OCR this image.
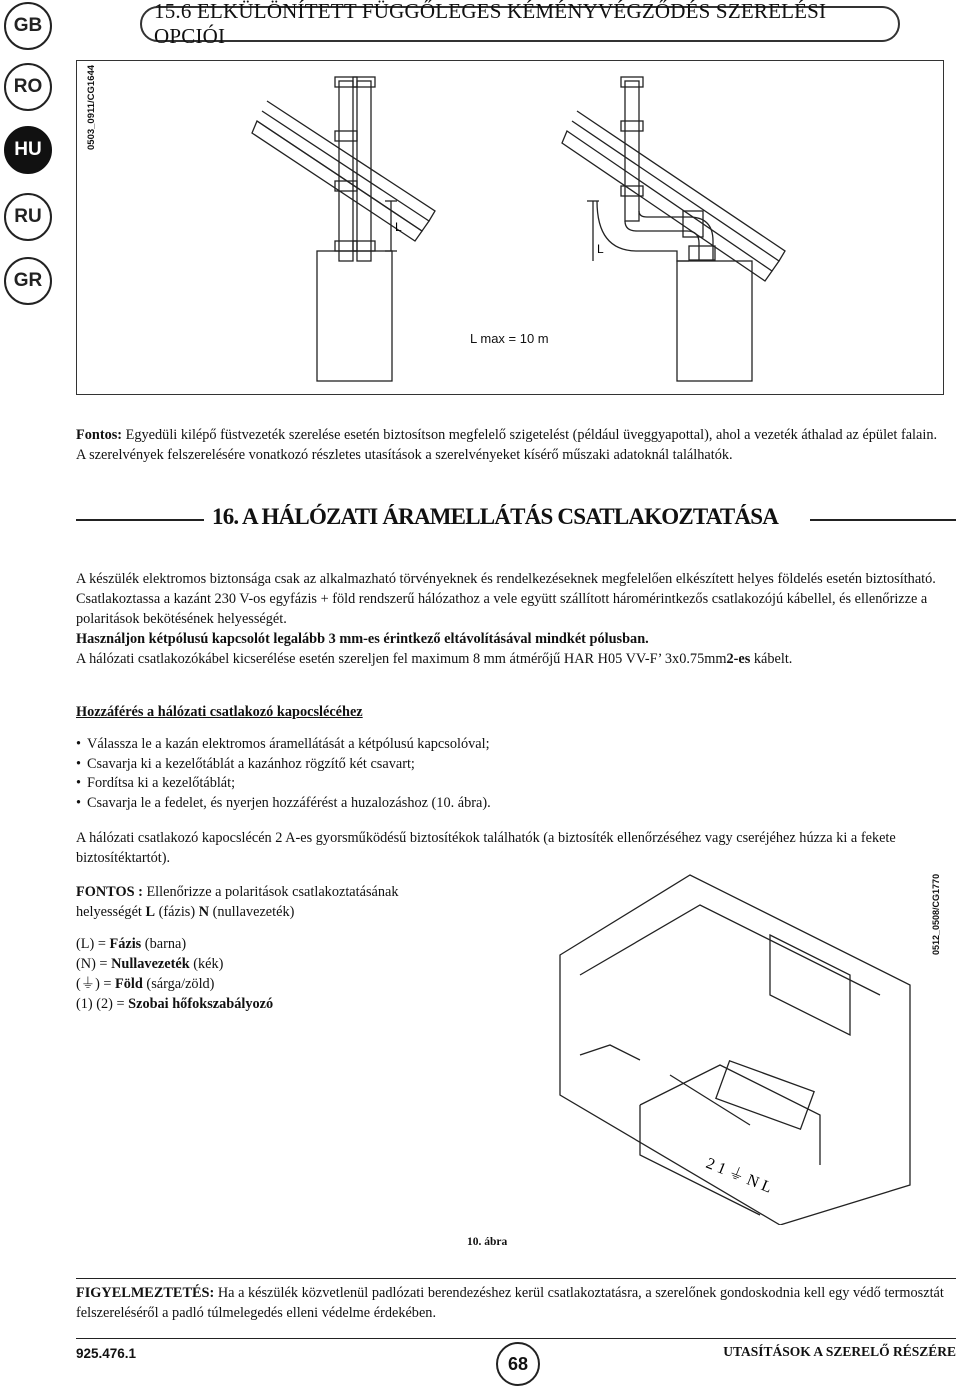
GB
RO
HU
RU
GR
15.6 ELKÜLÖNÍTETT FÜGGŐLEGES KÉMÉNYVÉGZŐDÉS SZERELÉSI OPCIÓI
L
L
0503_0911/CG1644
L max = 10 m
Fontos: Egyedüli kilépő füstvezeték szerelése esetén biztosítson megfelelő szigetelést (például üveggyapottal), ahol a vezeték áthalad az épület falain.
A szerelvények felszerelésére vonatkozó részletes utasítások a szerelvényeket kísérő műszaki adatoknál találhatók.
16. A HÁLÓZATI ÁRAMELLÁTÁS CSATLAKOZTATÁSA
A készülék elektromos biztonsága csak az alkalmazható törvényeknek és rendelkezéseknek megfelelően elkészített helyes földelés esetén biztosítható.
Csatlakoztassa a kazánt 230 V-os egyfázis + föld rendszerű hálózathoz a vele együtt szállított háromérintkezős csatlakozójú kábellel, és ellenőrizze a polaritások bekötésének helyességét.
Használjon kétpólusú kapcsolót legalább 3 mm-es érintkező eltávolításával mindkét pólusban.
A hálózati csatlakozókábel kicserélése esetén szereljen fel maximum 8 mm átmérőjű HAR H05 VV-F’ 3x0.75mm2-es kábelt.
Hozzáférés a hálózati csatlakozó kapocslécéhez
• Válassza le a kazán elektromos áramellátását a kétpólusú kapcsolóval;
• Csavarja ki a kezelőtáblát a kazánhoz rögzítő két csavart;
• Fordítsa ki a kezelőtáblát;
• Csavarja le a fedelet, és nyerjen hozzáférést a huzalozáshoz (10. ábra).
A hálózati csatlakozó kapocslécén 2 A-es gyorsműködésű biztosítékok találhatók (a biztosíték ellenőrzéséhez vagy cseréjéhez húzza ki a fekete biztosítéktartót).
FONTOS : Ellenőrizze a polaritások csatlakoztatásának
helyességét L (fázis) N (nullavezeték)
(L) = Fázis (barna)
(N) = Nullavezeték (kék)
(⏚) = Föld (sárga/zöld)
(1) (2) = Szobai hőfokszabályozó
2 1 ⏚ N L
0512_0508/CG1770
10. ábra
FIGYELMEZTETÉS: Ha a készülék közvetlenül padlózati berendezéshez kerül csatlakoztatásra, a szerelőnek gondoskodnia kell egy védő termosztát felszereléséről a padló túlmelegedés elleni védelme érdekében.
925.476.1	68
UTASÍTÁSOK A SZERELŐ RÉSZÉRE
